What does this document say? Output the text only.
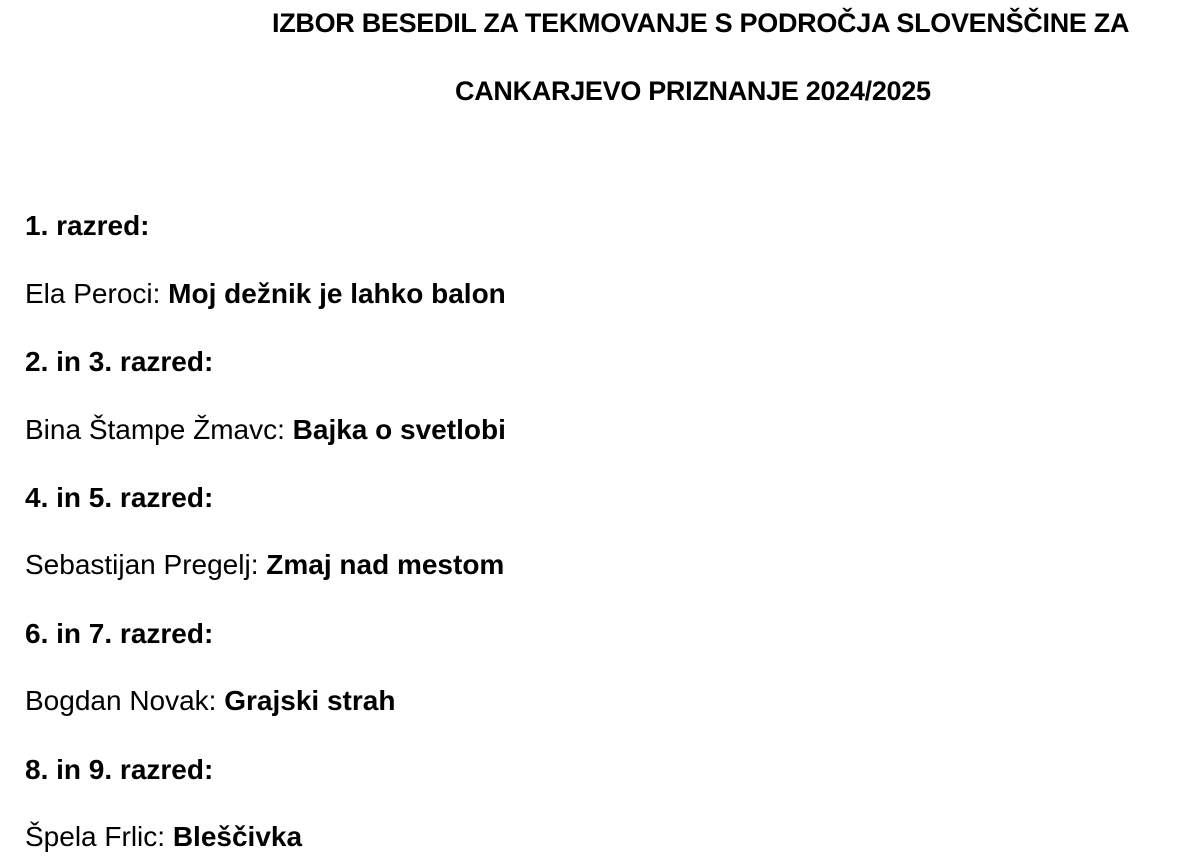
IZBOR BESEDIL ZA TEKMOVANJE S PODROČJA SLOVENŠČINE ZA
CANKARJEVO PRIZNANJE 2024/2025
1. razred:
Ela Peroci: Moj dežnik je lahko balon
2. in 3. razred:
Bina Štampe Žmavc: Bajka o svetlobi
4. in 5. razred:
Sebastijan Pregelj: Zmaj nad mestom
6. in 7. razred:
Bogdan Novak: Grajski strah
8. in 9. razred:
Špela Frlic: Bleščivka
